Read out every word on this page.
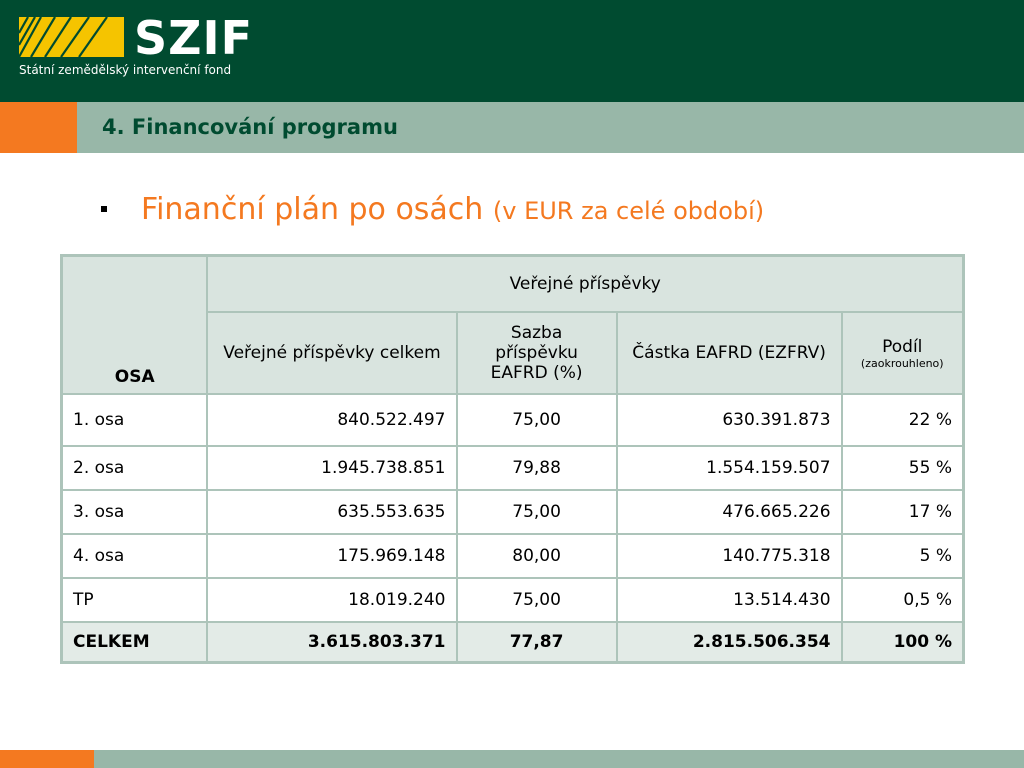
SZIF
Státní zemědělský intervenční fond
4. Financování programu
Finanční plán po osách (v EUR za celé období)
OSA	Veřejné příspěvky			
	Veřejné příspěvky celkem	Sazba příspěvku EAFRD (%)	Částka EAFRD (EZFRV)	Podíl
(zaokrouhleno)

1. osa	840.522.497	75,00	630.391.873	22 %
2. osa	1.945.738.851	79,88	1.554.159.507	55 %
3. osa	635.553.635	75,00	476.665.226	17 %
4. osa	175.969.148	80,00	140.775.318	5 %
TP	18.019.240	75,00	13.514.430	0,5 %
CELKEM	3.615.803.371	77,87	2.815.506.354	100 %
